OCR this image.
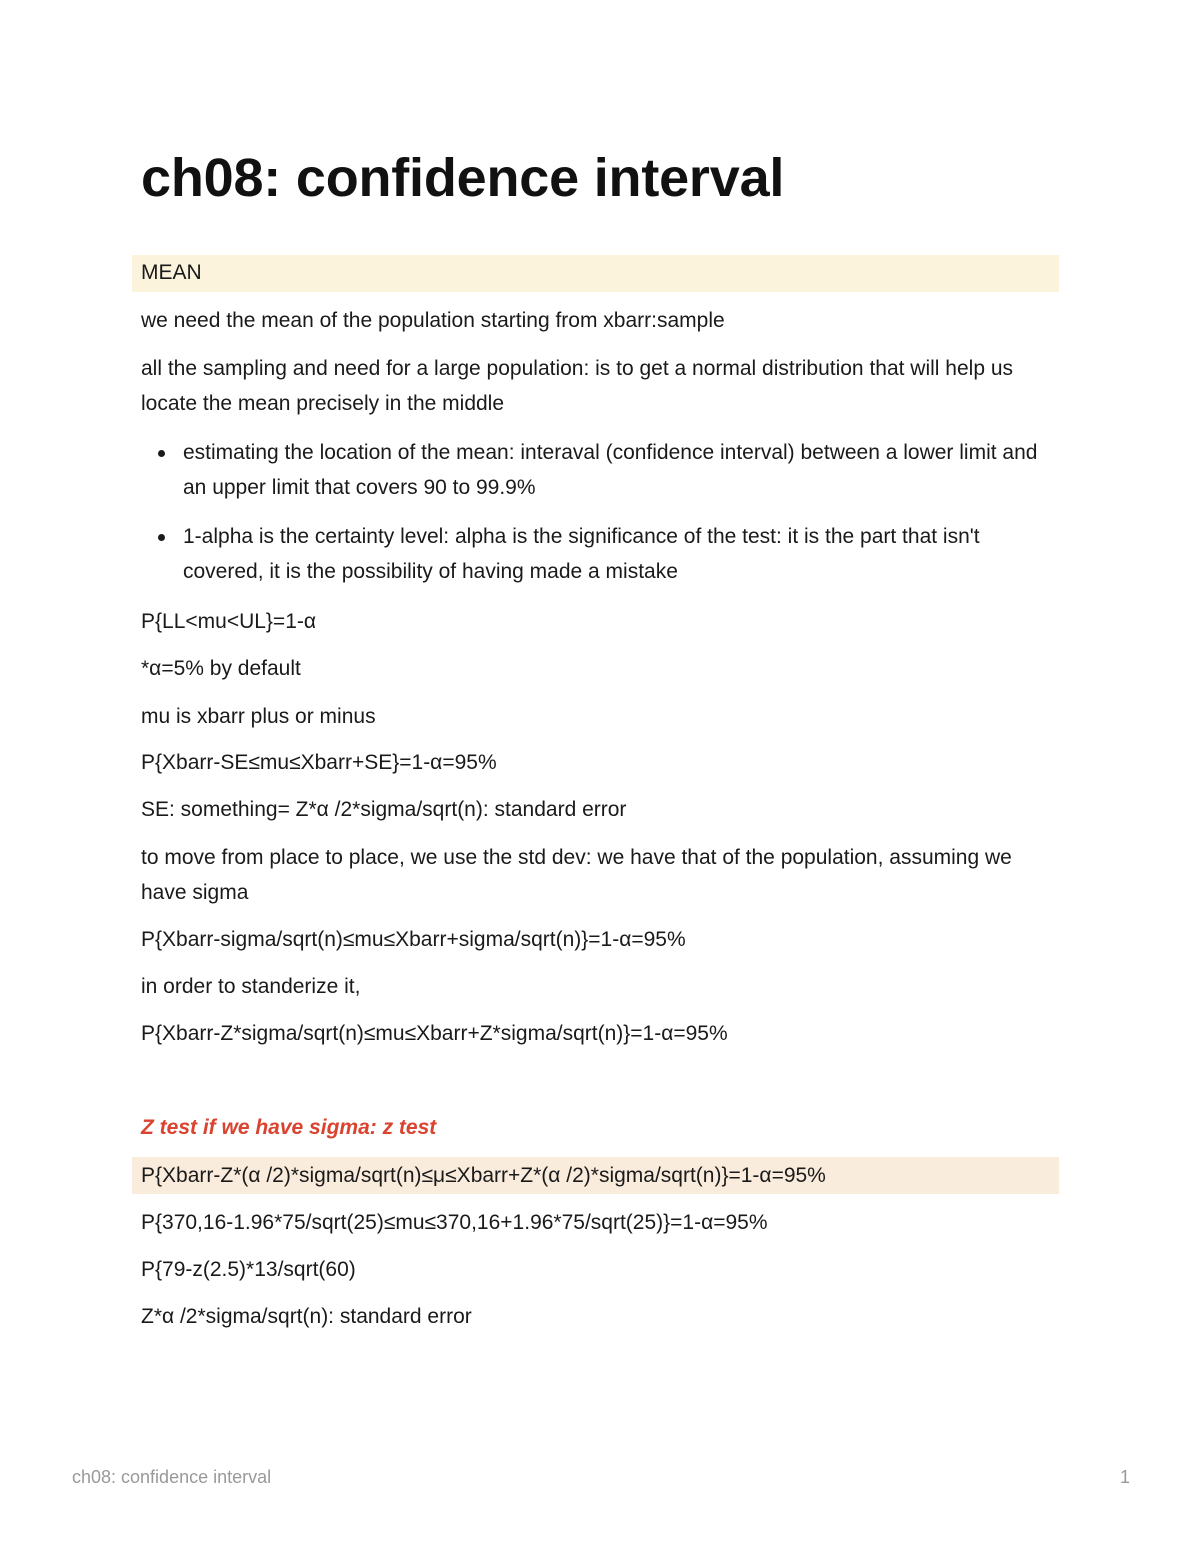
ch08: confidence interval

MEAN

we need the mean of the population starting from xbarr:sample

all the sampling and need for a large population: is to get a normal distribution that will help us locate the mean precisely in the middle

estimating the location of the mean: interaval (confidence interval) between a lower limit and an upper limit that covers 90 to 99.9%

1-alpha is the certainty level: alpha is the significance of the test: it is the part that isn't covered, it is the possibility of having made a mistake

P{LL<mu<UL}=1-α

*α=5% by default

mu is xbarr plus or minus

P{Xbarr-SE≤mu≤Xbarr+SE}=1-α=95%

SE: something= Z*α /2*sigma/sqrt(n): standard error

to move from place to place, we use the std dev: we have that of the population, assuming we have sigma

P{Xbarr-sigma/sqrt(n)≤mu≤Xbarr+sigma/sqrt(n)}=1-α=95%

in order to standerize it,

P{Xbarr-Z*sigma/sqrt(n)≤mu≤Xbarr+Z*sigma/sqrt(n)}=1-α=95%

Z test if we have sigma: z test

P{Xbarr-Z*(α /2)*sigma/sqrt(n)≤μ≤Xbarr+Z*(α /2)*sigma/sqrt(n)}=1-α=95%

P{370,16-1.96*75/sqrt(25)≤mu≤370,16+1.96*75/sqrt(25)}=1-α=95%

P{79-z(2.5)*13/sqrt(60)

Z*α /2*sigma/sqrt(n): standard error

ch08: confidence interval	1
